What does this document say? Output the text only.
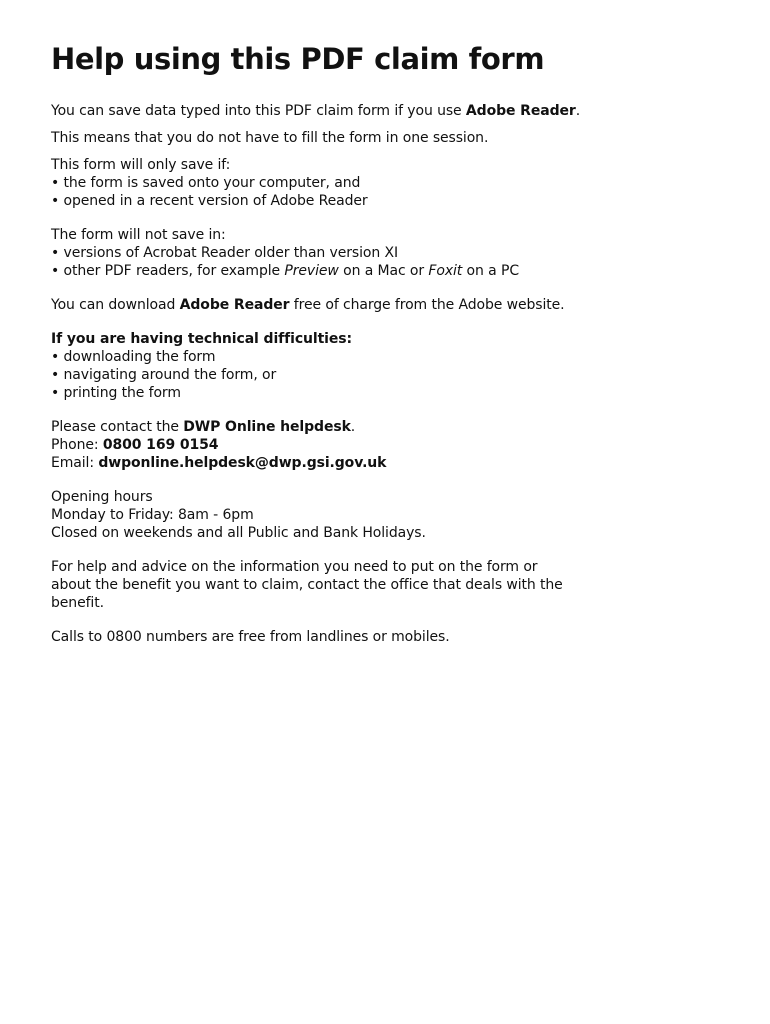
Help using this PDF claim form

You can save data typed into this PDF claim form if you use Adobe Reader.

This means that you do not have to fill the form in one session.

This form will only save if:

• the form is saved onto your computer, and

• opened in a recent version of Adobe Reader

The form will not save in:

• versions of Acrobat Reader older than version XI

• other PDF readers, for example Preview on a Mac or Foxit on a PC

You can download Adobe Reader free of charge from the Adobe website.

If you are having technical difficulties:

• downloading the form

• navigating around the form, or

• printing the form

Please contact the DWP Online helpdesk.

Phone: 0800 169 0154

Email: dwponline.helpdesk@dwp.gsi.gov.uk

Opening hours

Monday to Friday: 8am - 6pm

Closed on weekends and all Public and Bank Holidays.

For help and advice on the information you need to put on the form or

about the benefit you want to claim, contact the office that deals with the

benefit.

Calls to 0800 numbers are free from landlines or mobiles.
